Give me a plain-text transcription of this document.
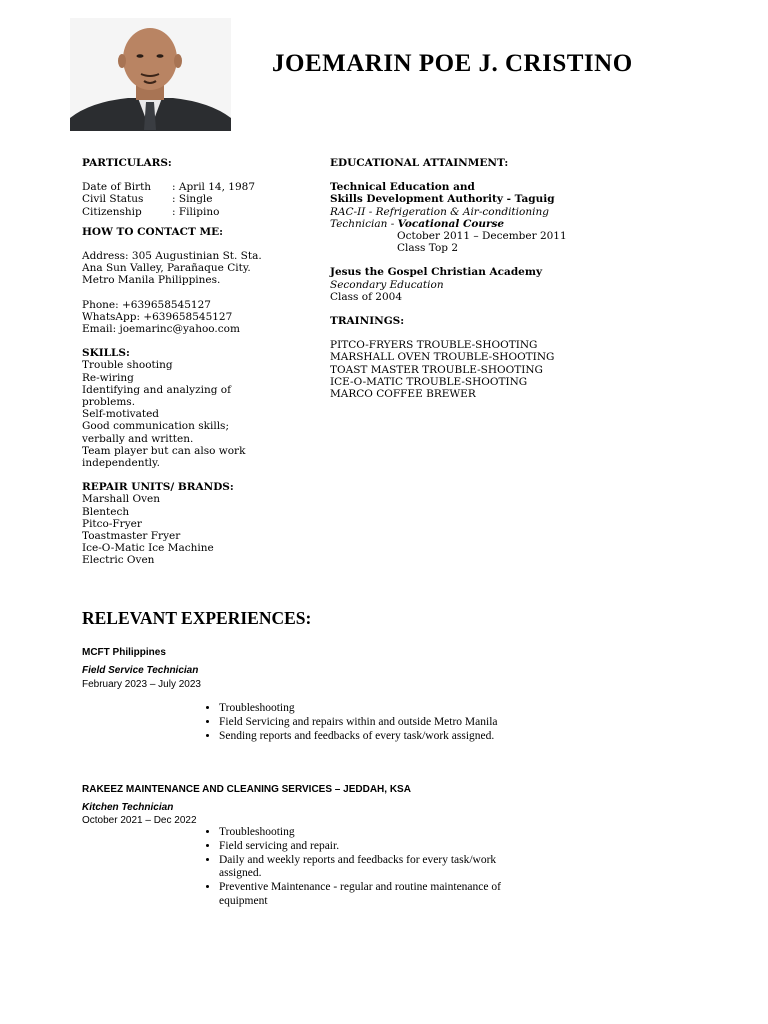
JOEMARIN POE J. CRISTINO
PARTICULARS:
Date of Birth	: April 14, 1987
Civil Status	: Single
Citizenship	: Filipino
HOW TO CONTACT ME:
Address: 305 Augustinian St. Sta.
Ana Sun Valley, Parañaque City.
Metro Manila Philippines.
Phone: +639658545127
WhatsApp: +639658545127
Email: joemarinc@yahoo.com
SKILLS:
Trouble shooting
Re-wiring
Identifying and analyzing of
problems.
Self-motivated
Good communication skills;
verbally and written.
Team player but can also work
independently.
REPAIR UNITS/ BRANDS:
Marshall Oven
Blentech
Pitco-Fryer
Toastmaster Fryer
Ice-O-Matic Ice Machine
Electric Oven
EDUCATIONAL ATTAINMENT:
Technical Education and
Skills Development Authority - Taguig
RAC-II - Refrigeration & Air-conditioning
Technician - Vocational Course
October 2011 – December 2011
Class Top 2
Jesus the Gospel Christian Academy
Secondary Education
Class of 2004
TRAININGS:
PITCO-FRYERS TROUBLE-SHOOTING
MARSHALL OVEN TROUBLE-SHOOTING
TOAST MASTER TROUBLE-SHOOTING
ICE-O-MATIC TROUBLE-SHOOTING
MARCO COFFEE BREWER
RELEVANT EXPERIENCES:
MCFT Philippines
Field Service Technician
February 2023 – July 2023
• Troubleshooting
• Field Servicing and repairs within and outside Metro Manila
• Sending reports and feedbacks of every task/work assigned.
RAKEEZ MAINTENANCE AND CLEANING SERVICES – JEDDAH, KSA
Kitchen Technician
October 2021 – Dec 2022
• Troubleshooting
• Field servicing and repair.
• Daily and weekly reports and feedbacks for every task/work assigned.
• Preventive Maintenance - regular and routine maintenance of equipment
